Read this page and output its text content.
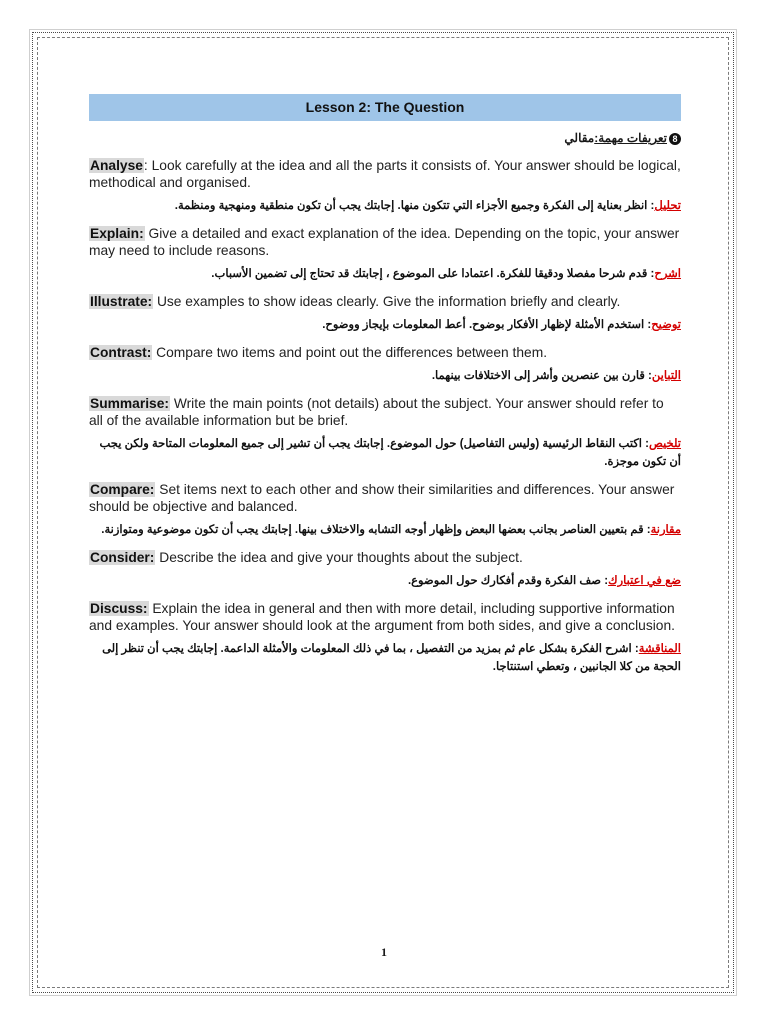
Lesson 2: The Question
8تعريفات مهمة:مقالي
Analyse: Look carefully at the idea and all the parts it consists of. Your answer should be logical, methodical and organised.
تحليل: انظر بعناية إلى الفكرة وجميع الأجزاء التي تتكون منها. إجابتك يجب أن تكون منطقية ومنهجية ومنظمة.
Explain: Give a detailed and exact explanation of the idea. Depending on the topic, your answer may need to include reasons.
اشرح: قدم شرحا مفصلا ودقيقا للفكرة. اعتمادا على الموضوع ، إجابتك قد تحتاج إلى تضمين الأسباب.
Illustrate: Use examples to show ideas clearly. Give the information briefly and clearly.
توضيح: استخدم الأمثلة لإظهار الأفكار بوضوح. أعط المعلومات بإيجاز ووضوح.
Contrast: Compare two items and point out the differences between them.
التباين: قارن بين عنصرين وأشر إلى الاختلافات بينهما.
Summarise: Write the main points (not details) about the subject. Your answer should refer to all of the available information but be brief.
تلخيص: اكتب النقاط الرئيسية (وليس التفاصيل) حول الموضوع. إجابتك يجب أن تشير إلى جميع المعلومات المتاحة ولكن يجب أن تكون موجزة.
Compare: Set items next to each other and show their similarities and differences. Your answer should be objective and balanced.
مقارنة: قم بتعيين العناصر بجانب بعضها البعض وإظهار أوجه التشابه والاختلاف بينها. إجابتك يجب أن تكون موضوعية ومتوازنة.
Consider: Describe the idea and give your thoughts about the subject.
ضع في اعتبارك: صف الفكرة وقدم أفكارك حول الموضوع.
Discuss: Explain the idea in general and then with more detail, including supportive information and examples. Your answer should look at the argument from both sides, and give a conclusion.
المناقشة: اشرح الفكرة بشكل عام ثم بمزيد من التفصيل ، بما في ذلك المعلومات والأمثلة الداعمة. إجابتك يجب أن تنظر إلى الحجة من كلا الجانبين ، وتعطي استنتاجا.
1
